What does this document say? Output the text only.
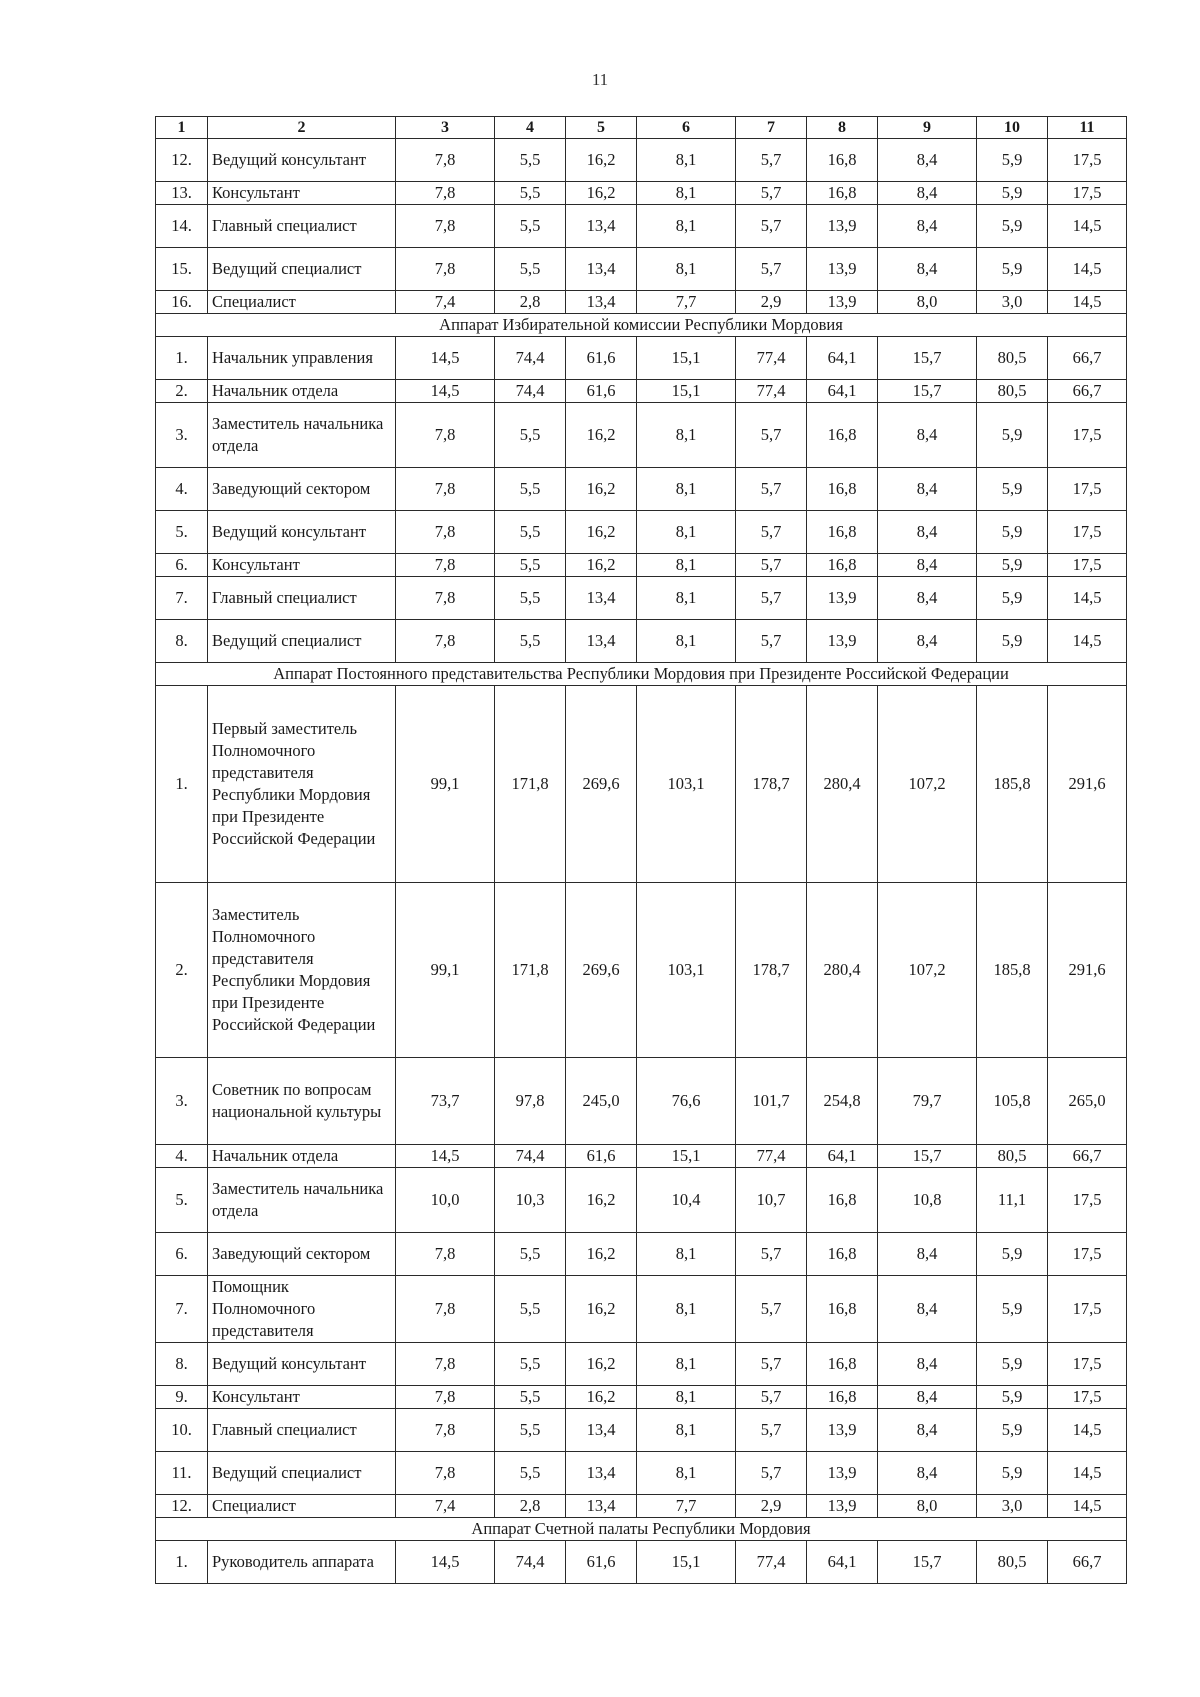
11
1	2	3	4	5	6	7	8	9	10	11
12.	Ведущий консультант	7,8	5,5	16,2	8,1	5,7	16,8	8,4	5,9	17,5
13.	Консультант	7,8	5,5	16,2	8,1	5,7	16,8	8,4	5,9	17,5
14.	Главный специалист	7,8	5,5	13,4	8,1	5,7	13,9	8,4	5,9	14,5
15.	Ведущий специалист	7,8	5,5	13,4	8,1	5,7	13,9	8,4	5,9	14,5
16.	Специалист	7,4	2,8	13,4	7,7	2,9	13,9	8,0	3,0	14,5
Аппарат Избирательной комиссии Республики Мордовия										
1.	Начальник управления	14,5	74,4	61,6	15,1	77,4	64,1	15,7	80,5	66,7
2.	Начальник отдела	14,5	74,4	61,6	15,1	77,4	64,1	15,7	80,5	66,7
3.	Заместитель начальника отдела	7,8	5,5	16,2	8,1	5,7	16,8	8,4	5,9	17,5
4.	Заведующий сектором	7,8	5,5	16,2	8,1	5,7	16,8	8,4	5,9	17,5
5.	Ведущий консультант	7,8	5,5	16,2	8,1	5,7	16,8	8,4	5,9	17,5
6.	Консультант	7,8	5,5	16,2	8,1	5,7	16,8	8,4	5,9	17,5
7.	Главный специалист	7,8	5,5	13,4	8,1	5,7	13,9	8,4	5,9	14,5
8.	Ведущий специалист	7,8	5,5	13,4	8,1	5,7	13,9	8,4	5,9	14,5
Аппарат Постоянного представительства Республики Мордовия при Президенте Российской Федерации										
1.	Первый заместитель Полномочного представителя Республики Мордовия при Президенте Российской Федерации	99,1	171,8	269,6	103,1	178,7	280,4	107,2	185,8	291,6
2.	Заместитель Полномочного представителя Республики Мордовия при Президенте Российской Федерации	99,1	171,8	269,6	103,1	178,7	280,4	107,2	185,8	291,6
3.	Советник по вопросам национальной культуры	73,7	97,8	245,0	76,6	101,7	254,8	79,7	105,8	265,0
4.	Начальник отдела	14,5	74,4	61,6	15,1	77,4	64,1	15,7	80,5	66,7
5.	Заместитель начальника отдела	10,0	10,3	16,2	10,4	10,7	16,8	10,8	11,1	17,5
6.	Заведующий сектором	7,8	5,5	16,2	8,1	5,7	16,8	8,4	5,9	17,5
7.	Помощник Полномочного представителя	7,8	5,5	16,2	8,1	5,7	16,8	8,4	5,9	17,5
8.	Ведущий консультант	7,8	5,5	16,2	8,1	5,7	16,8	8,4	5,9	17,5
9.	Консультант	7,8	5,5	16,2	8,1	5,7	16,8	8,4	5,9	17,5
10.	Главный специалист	7,8	5,5	13,4	8,1	5,7	13,9	8,4	5,9	14,5
11.	Ведущий специалист	7,8	5,5	13,4	8,1	5,7	13,9	8,4	5,9	14,5
12.	Специалист	7,4	2,8	13,4	7,7	2,9	13,9	8,0	3,0	14,5
Аппарат Счетной палаты Республики Мордовия										
1.	Руководитель аппарата	14,5	74,4	61,6	15,1	77,4	64,1	15,7	80,5	66,7
